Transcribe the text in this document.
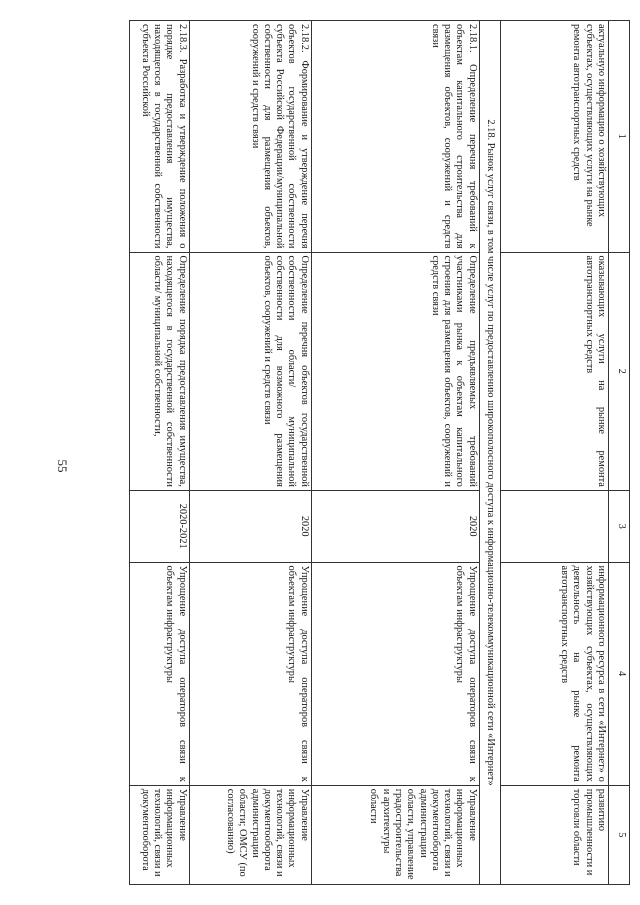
55
1	2	3	4	5
актуальную информацию о хозяйствующих субъектах, осуществляющих услуги на рынке ремонта автотранспортных средств	оказывающих услуги на рынке ремонта автотранспортных средств		информационного ресурса в сети «Интернет» о хозяйствующих субъектах, осуществляющих деятельность на рынке ремонта автотранспортных средств	развитию промышленности и торговли области
2.18. Рынок услуг связи, в том числе услуг по предоставлению широкополосного доступа к информационно-телекоммуникационной сети «Интернет»				
2.18.1. Определение перечня требований к объектам капитального строительства для размещения объектов, сооружений и средств связи	Определение предъявляемых требований участниками рынка к объектам капитального строения для размещения объектов, сооружений и средств связи	2020	Упрощение доступа операторов связи к объектам инфраструктуры	Управление информационных технологий, связи и документооборота администрации области, управление градостроительства и архитектуры области
2.18.2. Формирование и утверждение перечня объектов государственной собственности субъекта Российской Федерации/муниципальной собственности для размещения объектов, сооружений и средств связи	Определение перечня объектов государственной собственности области/ муниципальной собственности для возможного размещения объектов, сооружений и средств связи	2020	Упрощение доступа операторов связи к объектам инфраструктуры	Управление информационных технологий, связи и документооборота администрации области; ОМСУ (по согласованию)
2.18.3. Разработка и утверждение положения о порядке предоставления имущества, находящегося в государственной собственности субъекта Российской	Определение порядка предоставления имущества, находящегося в государственной собственности области/ муниципальной собственности,	2020-2021	Упрощение доступа операторов связи к объектам инфраструктуры	Управление информационных технологий, связи и документооборота
